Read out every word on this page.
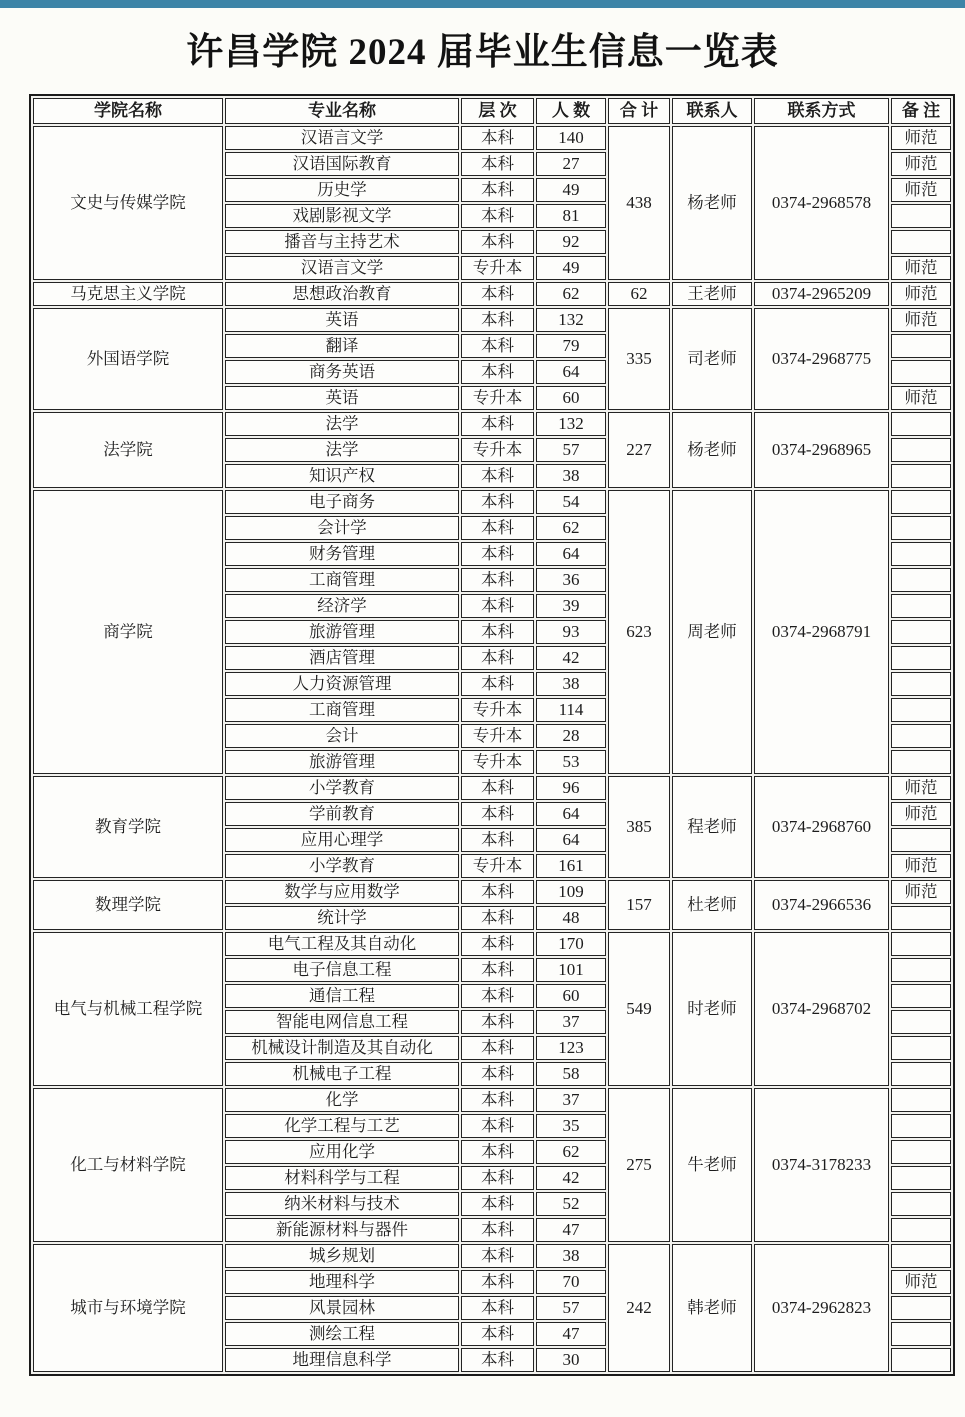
许昌学院 2024 届毕业生信息一览表
学院名称	专业名称	层 次	人 数	合 计	联系人	联系方式	备 注
文史与传媒学院	汉语言文学	本科	140	438	杨老师	0374-2968578	师范
	汉语国际教育	本科	27				师范
	历史学	本科	49				师范
	戏剧影视文学	本科	81				
	播音与主持艺术	本科	92				
	汉语言文学	专升本	49				师范
马克思主义学院	思想政治教育	本科	62	62	王老师	0374-2965209	师范
外国语学院	英语	本科	132	335	司老师	0374-2968775	师范
	翻译	本科	79				
	商务英语	本科	64				
	英语	专升本	60				师范
法学院	法学	本科	132	227	杨老师	0374-2968965	
	法学	专升本	57				
	知识产权	本科	38				
商学院	电子商务	本科	54	623	周老师	0374-2968791	
	会计学	本科	62				
	财务管理	本科	64				
	工商管理	本科	36				
	经济学	本科	39				
	旅游管理	本科	93				
	酒店管理	本科	42				
	人力资源管理	本科	38				
	工商管理	专升本	114				
	会计	专升本	28				
	旅游管理	专升本	53				
教育学院	小学教育	本科	96	385	程老师	0374-2968760	师范
	学前教育	本科	64				师范
	应用心理学	本科	64				
	小学教育	专升本	161				师范
数理学院	数学与应用数学	本科	109	157	杜老师	0374-2966536	师范
	统计学	本科	48				
电气与机械工程学院	电气工程及其自动化	本科	170	549	时老师	0374-2968702	
	电子信息工程	本科	101				
	通信工程	本科	60				
	智能电网信息工程	本科	37				
	机械设计制造及其自动化	本科	123				
	机械电子工程	本科	58				
化工与材料学院	化学	本科	37	275	牛老师	0374-3178233	
	化学工程与工艺	本科	35				
	应用化学	本科	62				
	材料科学与工程	本科	42				
	纳米材料与技术	本科	52				
	新能源材料与器件	本科	47				
城市与环境学院	城乡规划	本科	38	242	韩老师	0374-2962823	
	地理科学	本科	70				师范
	风景园林	本科	57				
	测绘工程	本科	47				
	地理信息科学	本科	30				
